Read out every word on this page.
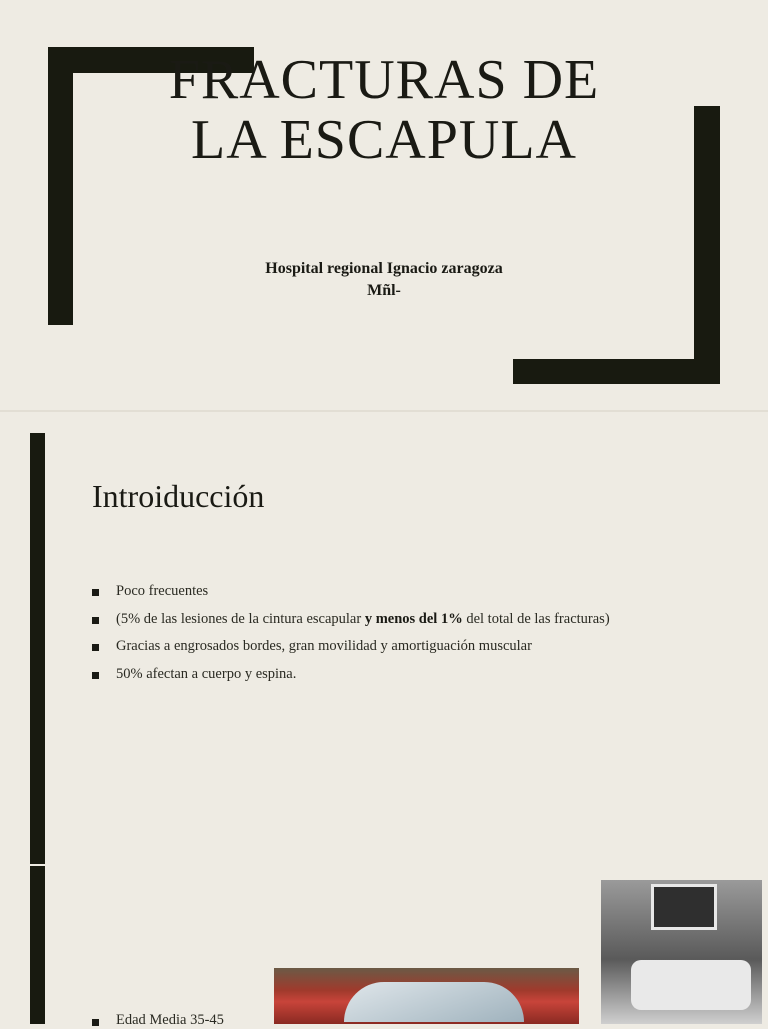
FRACTURAS DE
LA ESCAPULA
Hospital regional Ignacio zaragoza
Mñl-
Introiducción
Poco frecuentes
(5% de las lesiones de la cintura escapular y menos del 1% del total de las fracturas)
Gracias a engrosados bordes, gran movilidad y amortiguación muscular
50% afectan a cuerpo y espina.
Edad Media 35-45
